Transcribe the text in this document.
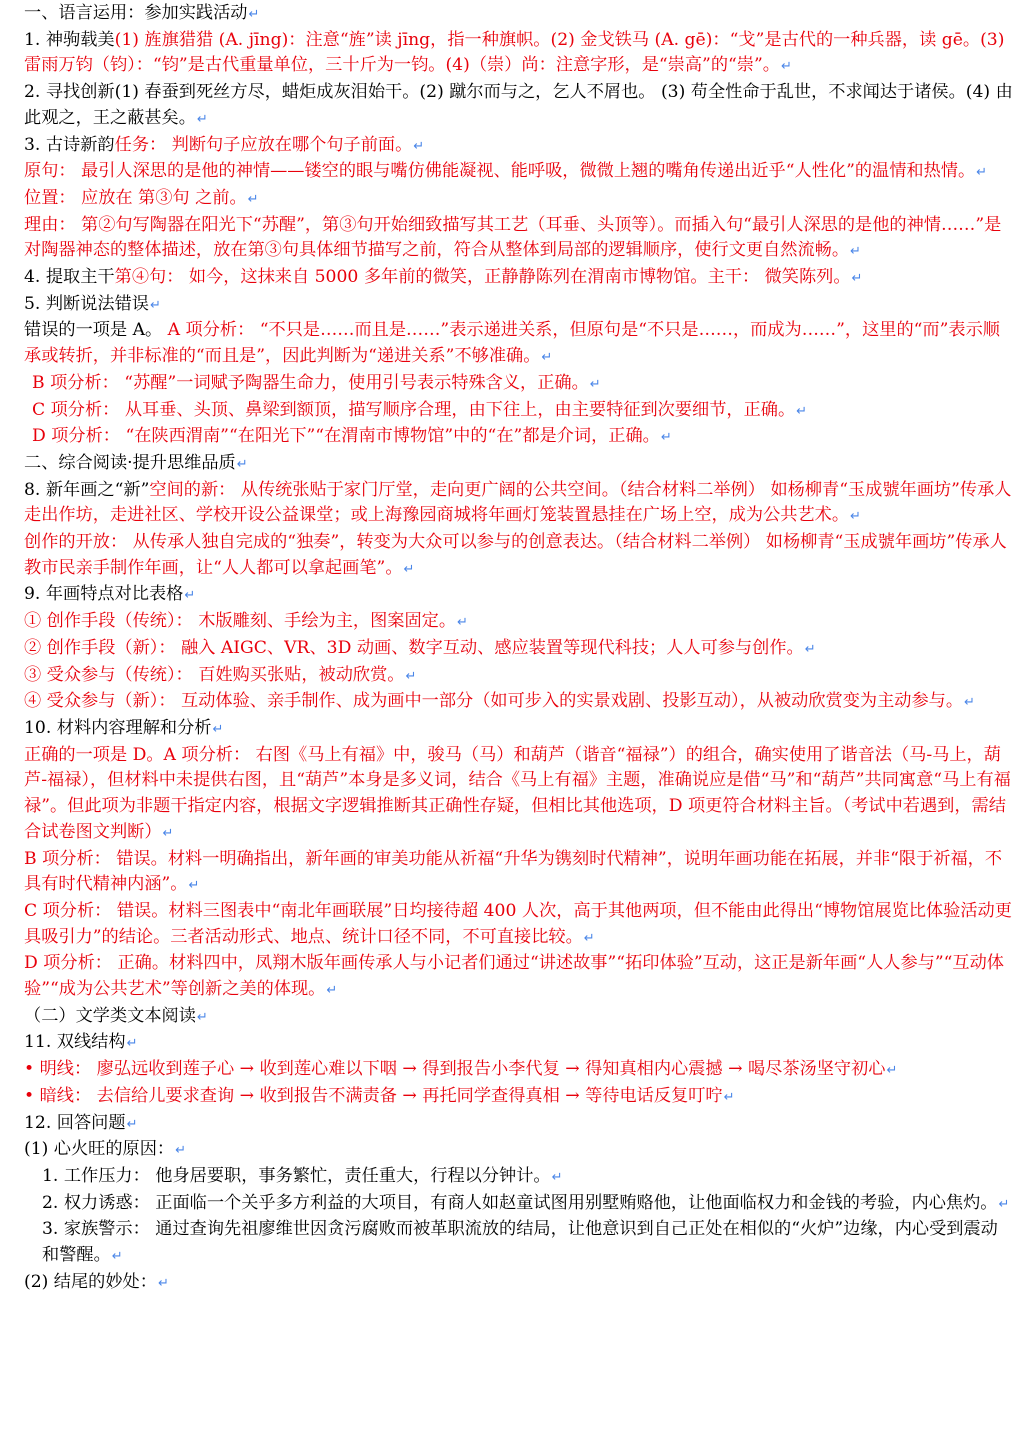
一、语言运用：参加实践活动↵
1. 神驹载美(1) 旌旗猎猎 (A. jīng)：注意“旌”读 jīng，指一种旗帜。(2) 金戈铁马 (A. gē)：“戈”是古代的一种兵器，读 gē。(3) 雷雨万钧（钧）：“钧”是古代重量单位，三十斤为一钧。(4)（崇）尚：注意字形，是“崇高”的“崇”。↵
2. 寻找创新(1) 春蚕到死丝方尽，蜡炬成灰泪始干。(2) 蹴尔而与之，乞人不屑也。 (3) 苟全性命于乱世，不求闻达于诸侯。(4) 由此观之，王之蔽甚矣。↵
3. 古诗新韵任务： 判断句子应放在哪个句子前面。↵
原句： 最引人深思的是他的神情——镂空的眼与嘴仿佛能凝视、能呼吸，微微上翘的嘴角传递出近乎“人性化”的温情和热情。↵
位置： 应放在 第③句 之前。↵
理由： 第②句写陶器在阳光下“苏醒”，第③句开始细致描写其工艺（耳垂、头顶等）。而插入句“最引人深思的是他的神情……”是对陶器神态的整体描述，放在第③句具体细节描写之前，符合从整体到局部的逻辑顺序，使行文更自然流畅。↵
4. 提取主干第④句： 如今，这抹来自 5000 多年前的微笑，正静静陈列在渭南市博物馆。主干： 微笑陈列。↵
5. 判断说法错误↵
错误的一项是 A。 A 项分析： “不只是……而且是……”表示递进关系，但原句是“不只是……，而成为……”，这里的“而”表示顺承或转折，并非标准的“而且是”，因此判断为“递进关系”不够准确。↵
B 项分析： “苏醒”一词赋予陶器生命力，使用引号表示特殊含义，正确。↵
C 项分析： 从耳垂、头顶、鼻梁到额顶，描写顺序合理，由下往上，由主要特征到次要细节，正确。↵
D 项分析： “在陕西渭南”“在阳光下”“在渭南市博物馆”中的“在”都是介词，正确。↵
二、综合阅读·提升思维品质↵
8. 新年画之“新”空间的新： 从传统张贴于家门厅堂，走向更广阔的公共空间。（结合材料二举例） 如杨柳青“玉成號年画坊”传承人走出作坊，走进社区、学校开设公益课堂；或上海豫园商城将年画灯笼装置悬挂在广场上空，成为公共艺术。↵
创作的开放： 从传承人独自完成的“独奏”，转变为大众可以参与的创意表达。（结合材料二举例） 如杨柳青“玉成號年画坊”传承人教市民亲手制作年画，让“人人都可以拿起画笔”。↵
9. 年画特点对比表格↵
① 创作手段（传统）： 木版雕刻、手绘为主，图案固定。↵
② 创作手段（新）： 融入 AIGC、VR、3D 动画、数字互动、感应装置等现代科技；人人可参与创作。↵
③ 受众参与（传统）： 百姓购买张贴，被动欣赏。↵
④ 受众参与（新）： 互动体验、亲手制作、成为画中一部分（如可步入的实景戏剧、投影互动），从被动欣赏变为主动参与。↵
10. 材料内容理解和分析↵
正确的一项是 D。A 项分析： 右图《马上有福》中，骏马（马）和葫芦（谐音“福禄”）的组合，确实使用了谐音法（马-马上，葫芦-福禄），但材料中未提供右图，且“葫芦”本身是多义词，结合《马上有福》主题，准确说应是借“马”和“葫芦”共同寓意“马上有福禄”。但此项为非题干指定内容，根据文字逻辑推断其正确性存疑，但相比其他选项，D 项更符合材料主旨。（考试中若遇到，需结合试卷图文判断）↵
B 项分析： 错误。材料一明确指出，新年画的审美功能从祈福“升华为镌刻时代精神”，说明年画功能在拓展，并非“限于祈福，不具有时代精神内涵”。↵
C 项分析： 错误。材料三图表中“南北年画联展”日均接待超 400 人次，高于其他两项，但不能由此得出“博物馆展览比体验活动更具吸引力”的结论。三者活动形式、地点、统计口径不同，不可直接比较。↵
D 项分析： 正确。材料四中，凤翔木版年画传承人与小记者们通过“讲述故事”“拓印体验”互动，这正是新年画“人人参与”“互动体验”“成为公共艺术”等创新之美的体现。↵
（二）文学类文本阅读↵
11. 双线结构↵
• 明线： 廖弘远收到莲子心 → 收到莲心难以下咽 → 得到报告小李代复 → 得知真相内心震撼 → 喝尽茶汤坚守初心↵
• 暗线： 去信给儿要求查询 → 收到报告不满责备 → 再托同学查得真相 → 等待电话反复叮咛↵
12. 回答问题↵
(1) 心火旺的原因：↵
1. 工作压力： 他身居要职，事务繁忙，责任重大，行程以分钟计。↵
2. 权力诱惑： 正面临一个关乎多方利益的大项目，有商人如赵童试图用别墅贿赂他，让他面临权力和金钱的考验，内心焦灼。↵
3. 家族警示： 通过查询先祖廖维世因贪污腐败而被革职流放的结局，让他意识到自己正处在相似的“火炉”边缘，内心受到震动和警醒。↵
(2) 结尾的妙处：↵
